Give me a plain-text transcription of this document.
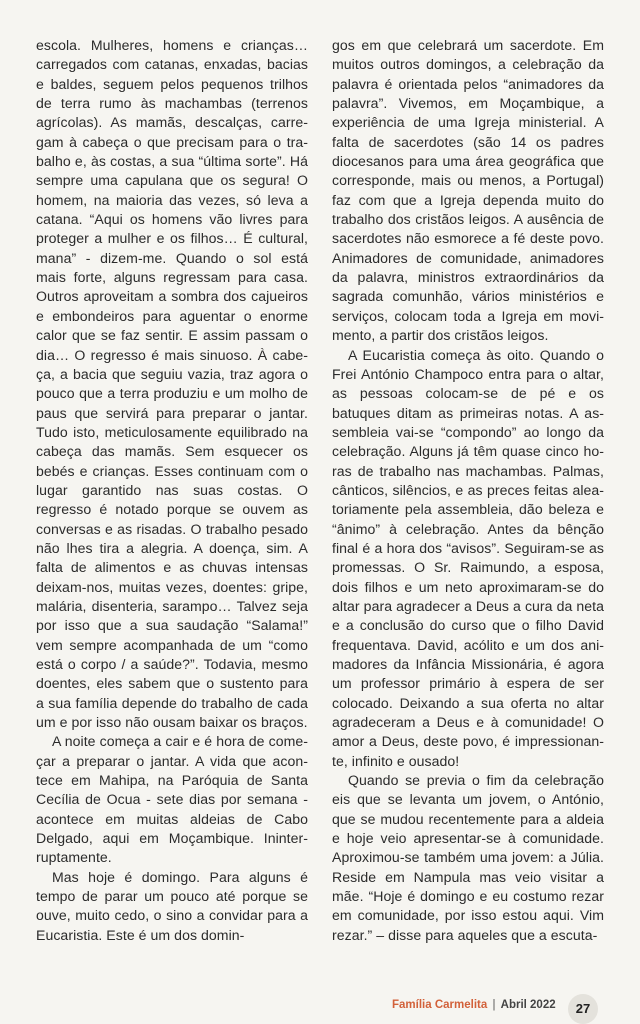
escola. Mulheres, homens e crianças… carregados com catanas, enxadas, bacias e baldes, seguem pelos pequenos trilhos de terra rumo às machambas (terrenos agrícolas). As mamãs, descalças, carregam à cabeça o que precisam para o trabalho e, às costas, a sua “última sorte”. Há sempre uma capulana que os segura! O homem, na maioria das vezes, só leva a catana. “Aqui os homens vão livres para proteger a mulher e os filhos… É cultural, mana” - dizem-me. Quando o sol está mais forte, alguns regressam para casa. Outros aproveitam a sombra dos cajueiros e embondeiros para aguentar o enorme calor que se faz sentir. E assim passam o dia… O regresso é mais sinuoso. À cabeça, a bacia que seguiu vazia, traz agora o pouco que a terra produziu e um molho de paus que servirá para preparar o jantar. Tudo isto, meticulosamente equilibrado na cabeça das mamãs. Sem esquecer os bebés e crianças. Esses continuam com o lugar garantido nas suas costas. O regresso é notado porque se ouvem as conversas e as risadas. O trabalho pesado não lhes tira a alegria. A doença, sim. A falta de alimentos e as chuvas intensas deixam-nos, muitas vezes, doentes: gripe, malária, disenteria, sarampo… Talvez seja por isso que a sua saudação “Salama!” vem sempre acompanhada de um “como está o corpo / a saúde?”. Todavia, mesmo doentes, eles sabem que o sustento para a sua família depende do trabalho de cada um e por isso não ousam baixar os braços.

A noite começa a cair e é hora de começar a preparar o jantar. A vida que acontece em Mahipa, na Paróquia de Santa Cecília de Ocua - sete dias por semana - acontece em muitas aldeias de Cabo Delgado, aqui em Moçambique. Ininterruptamente.

Mas hoje é domingo. Para alguns é tempo de parar um pouco até porque se ouve, muito cedo, o sino a convidar para a Eucaristia. Este é um dos domin-

gos em que celebrará um sacerdote. Em muitos outros domingos, a celebração da palavra é orientada pelos “animadores da palavra”. Vivemos, em Moçambique, a experiência de uma Igreja ministerial. A falta de sacerdotes (são 14 os padres diocesanos para uma área geográfica que corresponde, mais ou menos, a Portugal) faz com que a Igreja dependa muito do trabalho dos cristãos leigos. A ausência de sacerdotes não esmorece a fé deste povo. Animadores de comunidade, animadores da palavra, ministros extraordinários da sagrada comunhão, vários ministérios e serviços, colocam toda a Igreja em movimento, a partir dos cristãos leigos.

A Eucaristia começa às oito. Quando o Frei António Champoco entra para o altar, as pessoas colocam-se de pé e os batuques ditam as primeiras notas. A assembleia vai-se “compondo” ao longo da celebração. Alguns já têm quase cinco horas de trabalho nas machambas. Palmas, cânticos, silêncios, e as preces feitas aleatoriamente pela assembleia, dão beleza e “ânimo” à celebração. Antes da bênção final é a hora dos “avisos”. Seguiram-se as promessas. O Sr. Raimundo, a esposa, dois filhos e um neto aproximaram-se do altar para agradecer a Deus a cura da neta e a conclusão do curso que o filho David frequentava. David, acólito e um dos animadores da Infância Missionária, é agora um professor primário à espera de ser colocado. Deixando a sua oferta no altar agradeceram a Deus e à comunidade! O amor a Deus, deste povo, é impressionante, infinito e ousado!

Quando se previa o fim da celebração eis que se levanta um jovem, o António, que se mudou recentemente para a aldeia e hoje veio apresentar-se à comunidade. Aproximou-se também uma jovem: a Júlia. Reside em Nampula mas veio visitar a mãe. “Hoje é domingo e eu costumo rezar em comunidade, por isso estou aqui. Vim rezar.” – disse para aqueles que a escuta-

Família Carmelita | Abril 2022	27
